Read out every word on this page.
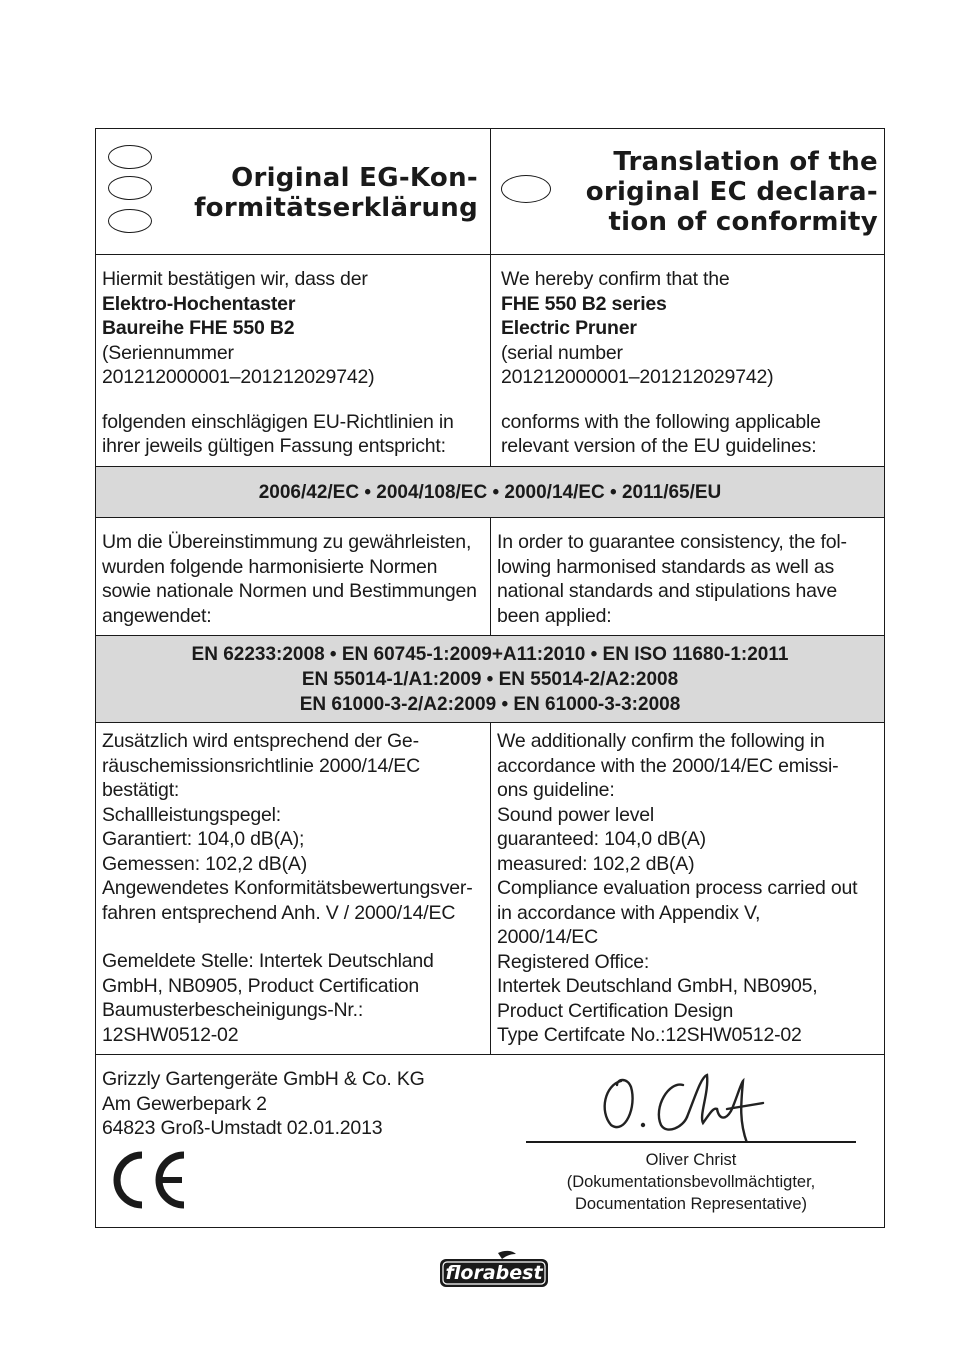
Original EG-Kon-
formitätserklärung
Translation of the
original EC declara-
tion of conformity

Hiermit bestätigen wir, dass der

Elektro-Hochentaster

Baureihe FHE 550 B2

(Seriennummer

201212000001–201212029742)

folgenden einschlägigen EU-Richtlinien in

ihrer jeweils gültigen Fassung entspricht:

We hereby confirm that the

FHE 550 B2 series

Electric Pruner

(serial number

201212000001–201212029742)

conforms with the following applicable

relevant version of the EU guidelines:

2006/42/EC • 2004/108/EC • 2000/14/EC • 2011/65/EU

Um die Übereinstimmung zu gewährleisten,

wurden folgende harmonisierte Normen

sowie nationale Normen und Bestimmungen

angewendet:

In order to guarantee consistency, the fol-

lowing harmonised standards as well as

national standards and stipulations have

been applied:

EN 62233:2008 • EN 60745-1:2009+A11:2010 • EN ISO 11680-1:2011
EN 55014-1/A1:2009 • EN 55014-2/A2:2008
EN 61000-3-2/A2:2009 • EN 61000-3-3:2008

Zusätzlich wird entsprechend der Ge-

räuschemissionsrichtlinie 2000/14/EC

bestätigt:

Schallleistungspegel:

Garantiert: 104,0 dB(A);

Gemessen: 102,2 dB(A)

Angewendetes Konformitätsbewertungsver-

fahren entsprechend Anh. V / 2000/14/EC

Gemeldete Stelle: Intertek Deutschland

GmbH, NB0905, Product Certification

Baumusterbescheinigungs-Nr.:

12SHW0512-02

We additionally confirm the following in

accordance with the 2000/14/EC emissi-

ons guideline:

Sound power level

guaranteed: 104,0 dB(A)

measured: 102,2 dB(A)

Compliance evaluation process carried out

in accordance with Appendix V,

2000/14/EC

Registered Office:

Intertek Deutschland GmbH, NB0905,

Product Certification Design

Type Certifcate No.:12SHW0512-02

Grizzly Gartengeräte GmbH & Co. KG

Am Gewerbepark 2

64823 Groß-Umstadt 02.01.2013

Oliver Christ
(Dokumentationsbevollmächtigter,
Documentation Representative)
florabest
